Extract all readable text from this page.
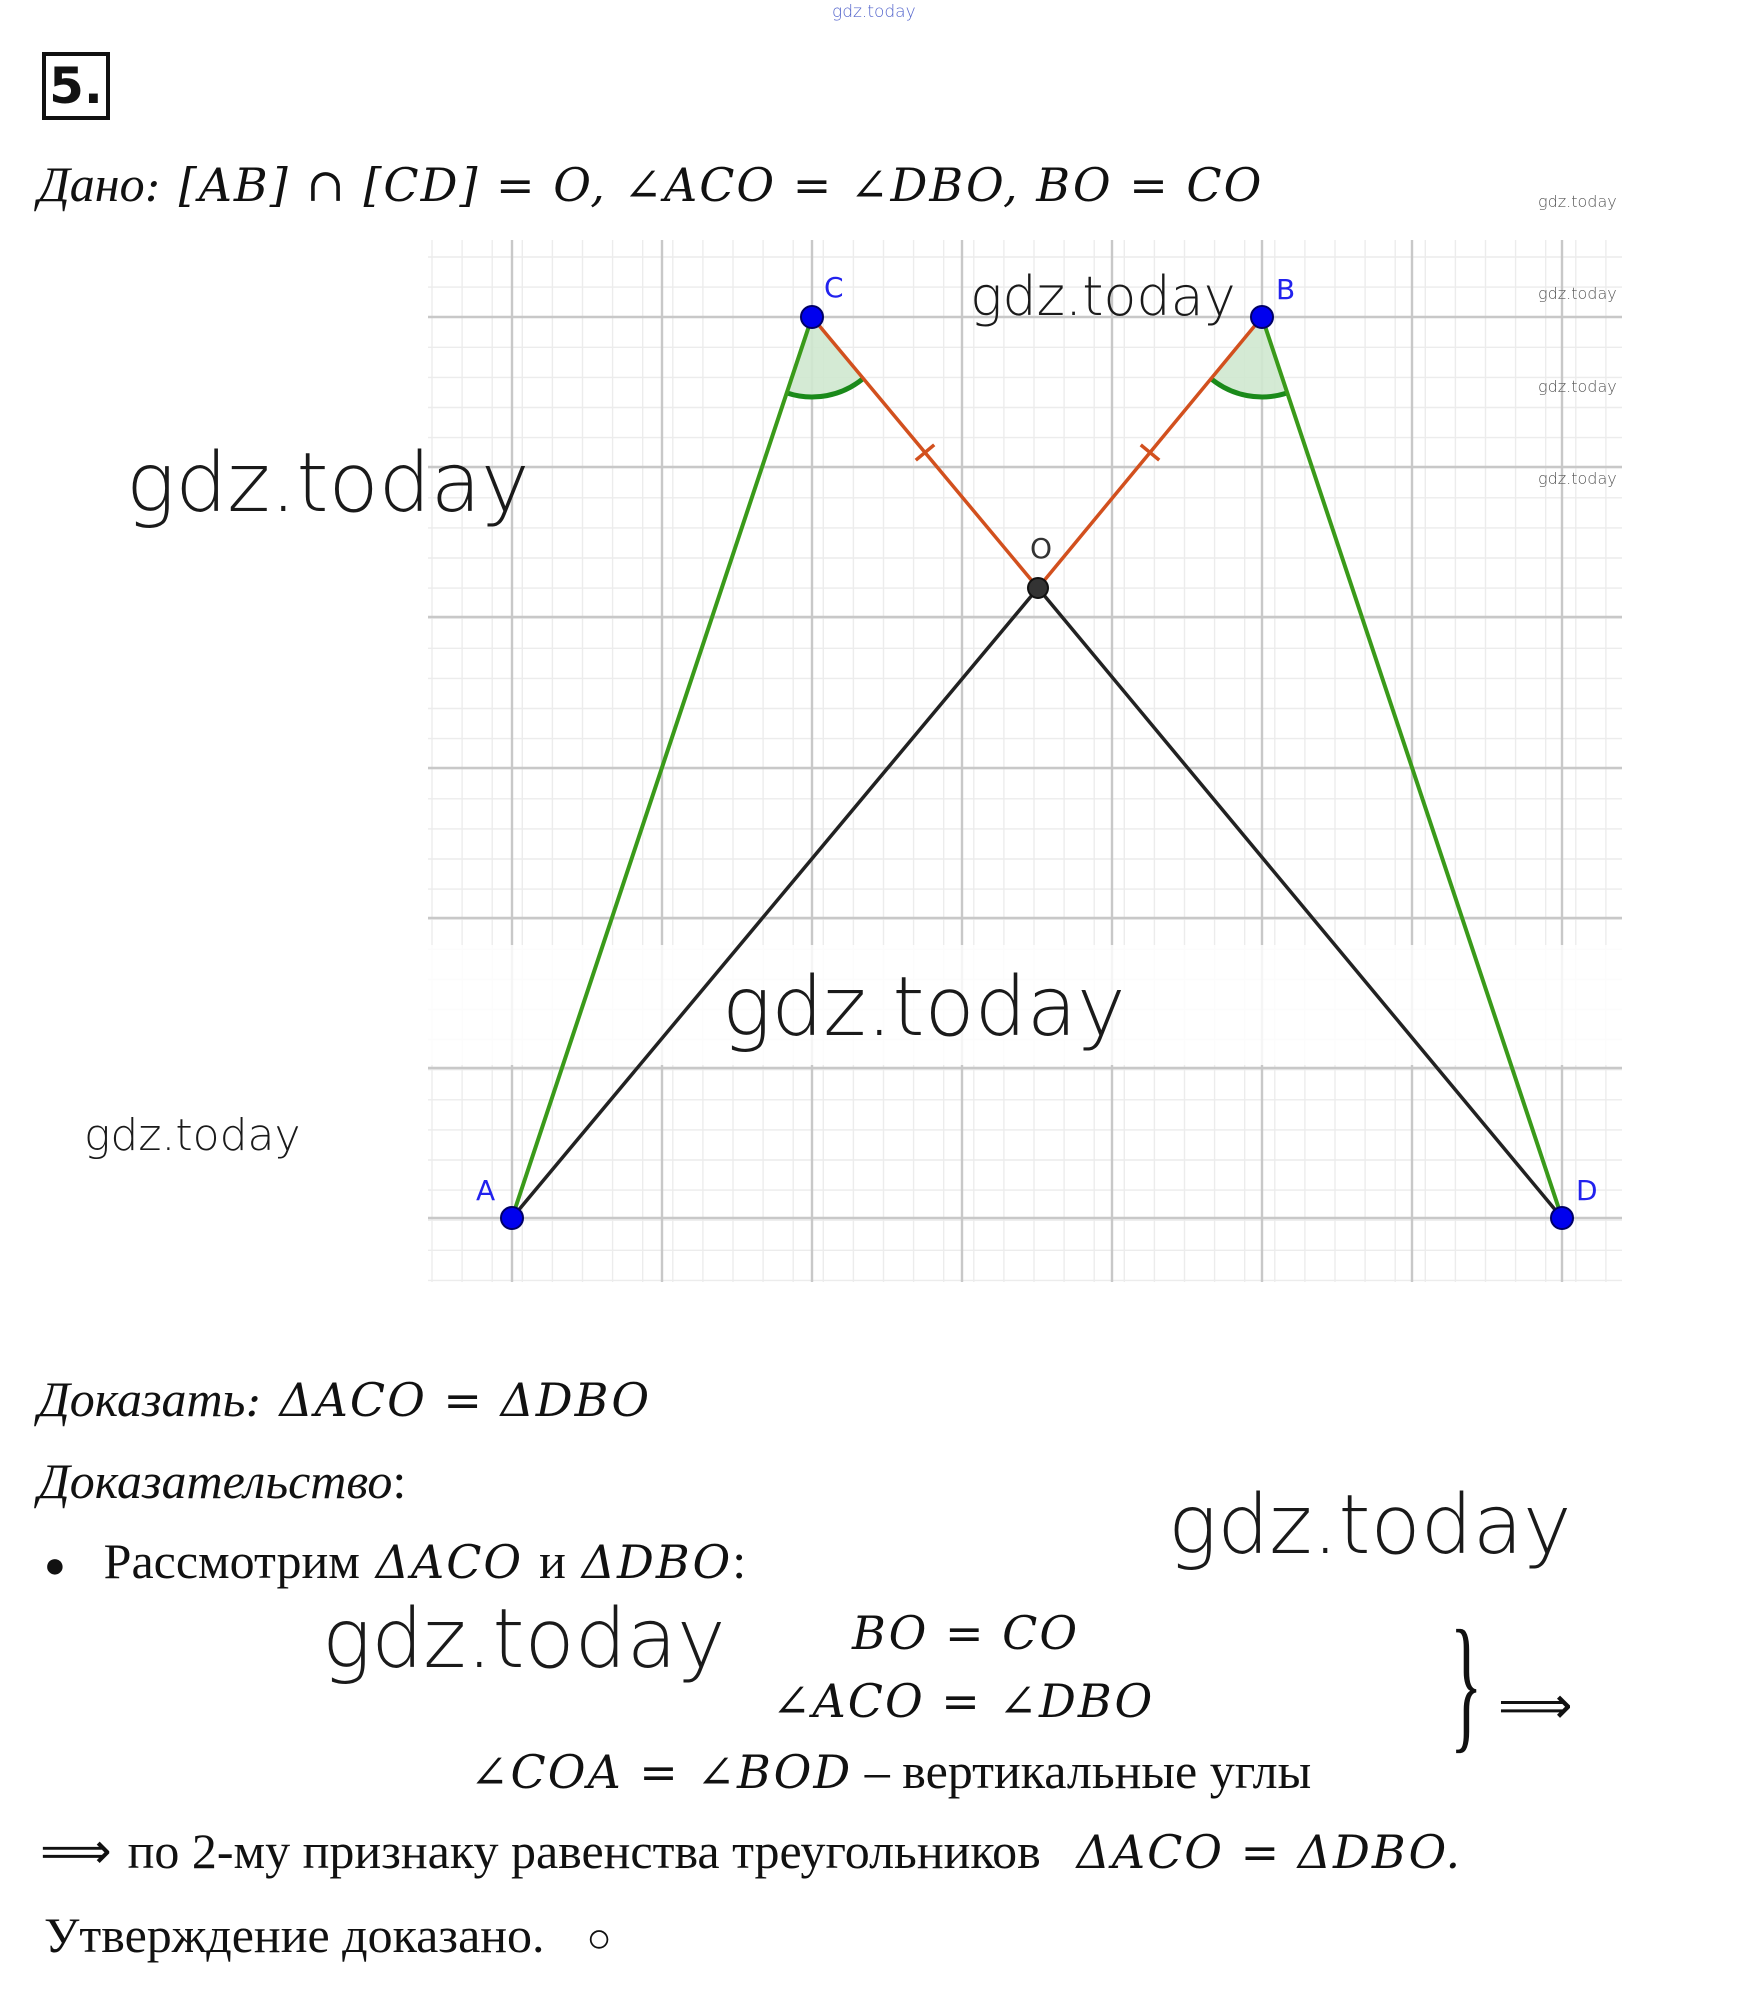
gdz.today
5.
Дано: [AB] ∩ [CD] = O, ∠ACO = ∠DBO, BO = CO
A
B
C
D
O
gdz.today
gdz.today
gdz.today
gdz.today
gdz.today
gdz.today
gdz.today
gdz.today
Доказать: ΔACO = ΔDBO
Доказательство:
● Рассмотрим ΔACO и ΔDBO:	gdz.today
gdz.today	BO = CO
∠ACO = ∠DBO
∠COA = ∠BOD – вертикальные углы
} ⟹
⟹ по 2-му признаку равенства треугольников ΔACO = ΔDBO.
Утверждение доказано. ○
